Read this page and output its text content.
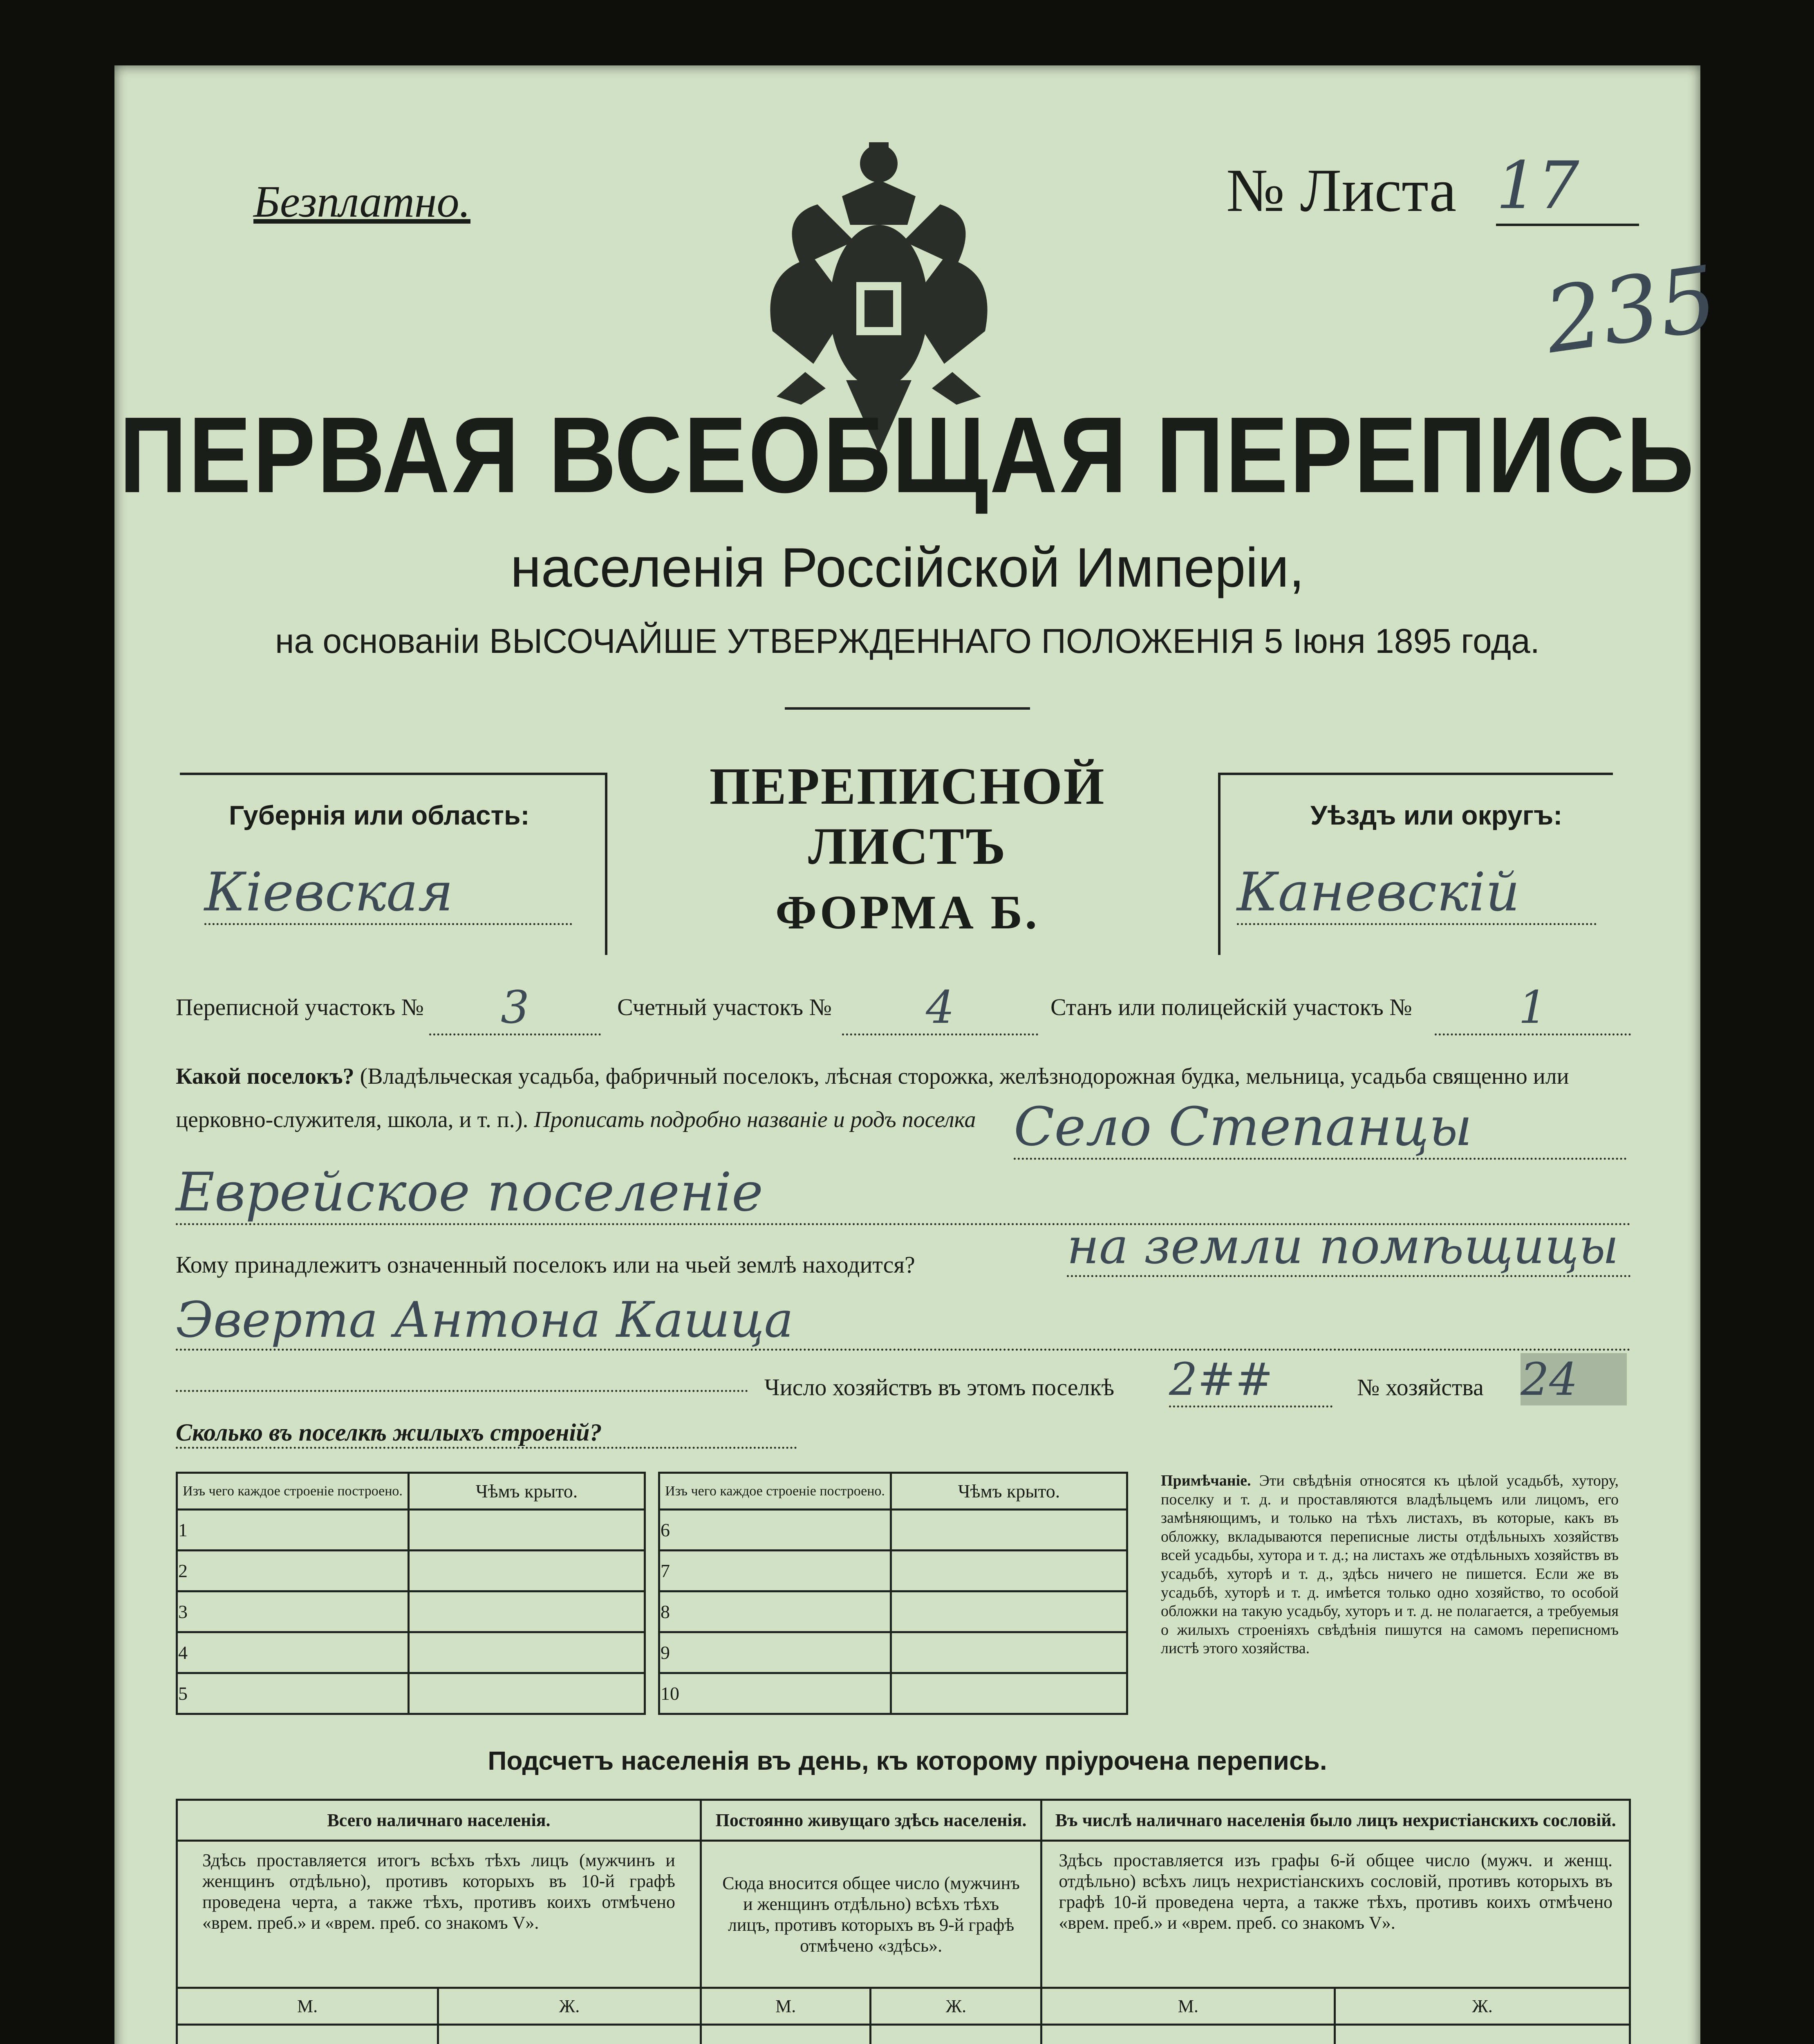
Безплатно.	№ Листа 17
235
ПЕРВАЯ ВСЕОБЩАЯ ПЕРЕПИСЬ
населенія Россійской Имперіи,
на основаніи ВЫСОЧАЙШЕ УТВЕРЖДЕННАГО ПОЛОЖЕНІЯ 5 Іюня 1895 года.
Губернія или область:
Кіевская
ПЕРЕПИСНОЙ ЛИСТЪ
ФОРМА Б.
Уѣздъ или округъ:
Каневскій
Переписной участокъ №	3	Счетный участокъ №	4	Станъ или полицейскій участокъ №	1
Какой поселокъ? (Владѣльческая усадьба, фабричный поселокъ, лѣсная сторожка, желѣзнодорожная будка, мельница, усадьба священно или церковно-служителя, школа, и т. п.). Прописать подробно названіе и родъ поселка Село Степанцы
Еврейское поселеніе
Кому принадлежитъ означенный поселокъ или на чьей землѣ находится?	на земли помѣщицы
Эверта Антона Кашца
Число хозяйствъ въ этомъ поселкѣ 2##	№ хозяйства 24
Сколько въ поселкѣ жилыхъ строеній?
Изъ чего каждое строеніе построено.	Чѣмъ крыто.
1	
2	
3	
4	
5	
Изъ чего каждое строеніе построено.	Чѣмъ крыто.
6	
7	
8	
9	
10	
Примѣчаніе. Эти свѣдѣнія относятся къ цѣлой усадьбѣ, хутору, поселку и т. д. и проставляются владѣльцемъ или лицомъ, его замѣняющимъ, и только на тѣхъ листахъ, въ которые, какъ въ обложку, вкладываются переписные листы отдѣльныхъ хозяйствъ всей усадьбы, хутора и т. д.; на листахъ же отдѣльныхъ хозяйствъ въ усадьбѣ, хуторѣ и т. д., здѣсь ничего не пишется. Если же въ усадьбѣ, хуторѣ и т. д. имѣется только одно хозяйство, то особой обложки на такую усадьбу, хуторъ и т. д. не полагается, а требуемыя о жилыхъ строеніяхъ свѣдѣнія пишутся на самомъ переписномъ листѣ этого хозяйства.
Подсчетъ населенія въ день, къ которому пріурочена перепись.
Всего наличнаго населенія.		Постоянно живущаго здѣсь населенія.		Въ числѣ наличнаго населенія было лицъ нехристіанскихъ сословій.	
Здѣсь проставляется итогъ всѣхъ тѣхъ лицъ (мужчинъ и женщинъ отдѣльно), противъ которыхъ въ 10-й графѣ проведена черта, а также тѣхъ, противъ коихъ отмѣчено «врем. преб.» и «врем. преб. со знакомъ V».		Сюда вносится общее число (мужчинъ и женщинъ отдѣльно) всѣхъ тѣхъ лицъ, противъ которыхъ въ 9-й графѣ отмѣчено «здѣсь».		Здѣсь проставляется изъ графы 6-й общее число (мужч. и женщ. отдѣльно) всѣхъ лицъ нехристіанскихъ сословій, противъ которыхъ въ графѣ 10-й проведена черта, а также тѣхъ, противъ коихъ отмѣчено «врем. преб.» и «врем. преб. со знакомъ V».	
М.	Ж.	М.	Ж.	М.	Ж.
